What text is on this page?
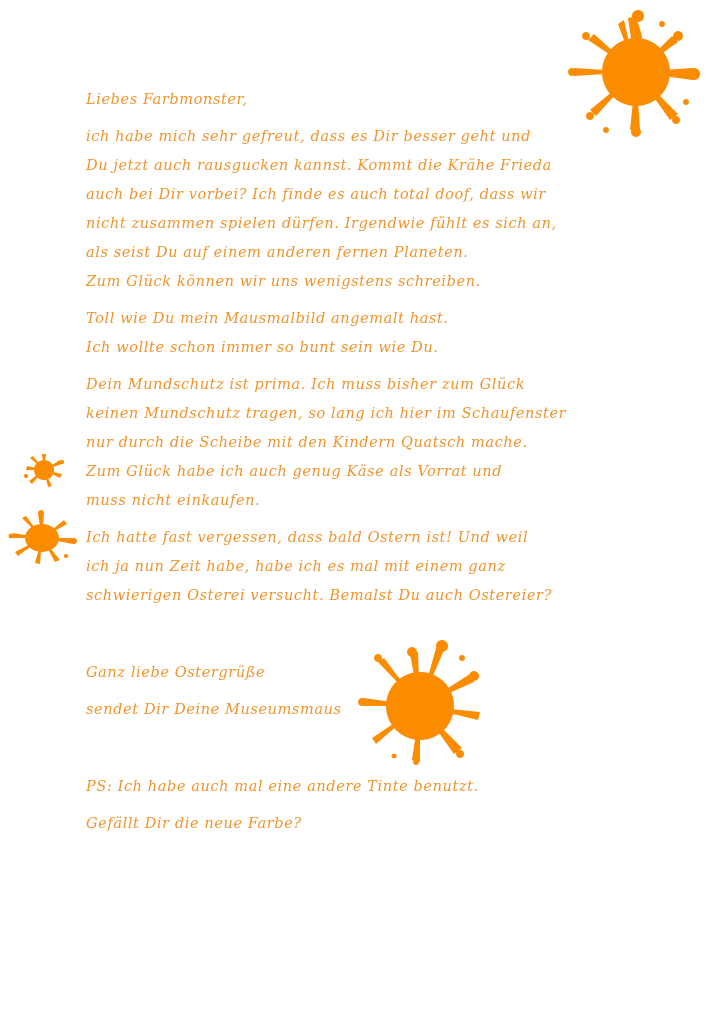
Liebes Farbmonster,
ich habe mich sehr gefreut, dass es Dir besser geht und
Du jetzt auch rausgucken kannst. Kommt die Krähe Frieda
auch bei Dir vorbei? Ich finde es auch total doof, dass wir
nicht zusammen spielen dürfen. Irgendwie fühlt es sich an,
als seist Du auf einem anderen fernen Planeten.
Zum Glück können wir uns wenigstens schreiben.
Toll wie Du mein Mausmalbild angemalt hast.
Ich wollte schon immer so bunt sein wie Du.
Dein Mundschutz ist prima. Ich muss bisher zum Glück
keinen Mundschutz tragen, so lang ich hier im Schaufenster
nur durch die Scheibe mit den Kindern Quatsch mache.
Zum Glück habe ich auch genug Käse als Vorrat und
muss nicht einkaufen.
Ich hatte fast vergessen, dass bald Ostern ist! Und weil
ich ja nun Zeit habe, habe ich es mal mit einem ganz
schwierigen Osterei versucht. Bemalst Du auch Ostereier?
Ganz liebe Ostergrüße
sendet Dir Deine Museumsmaus
PS: Ich habe auch mal eine andere Tinte benutzt.
Gefällt Dir die neue Farbe?
